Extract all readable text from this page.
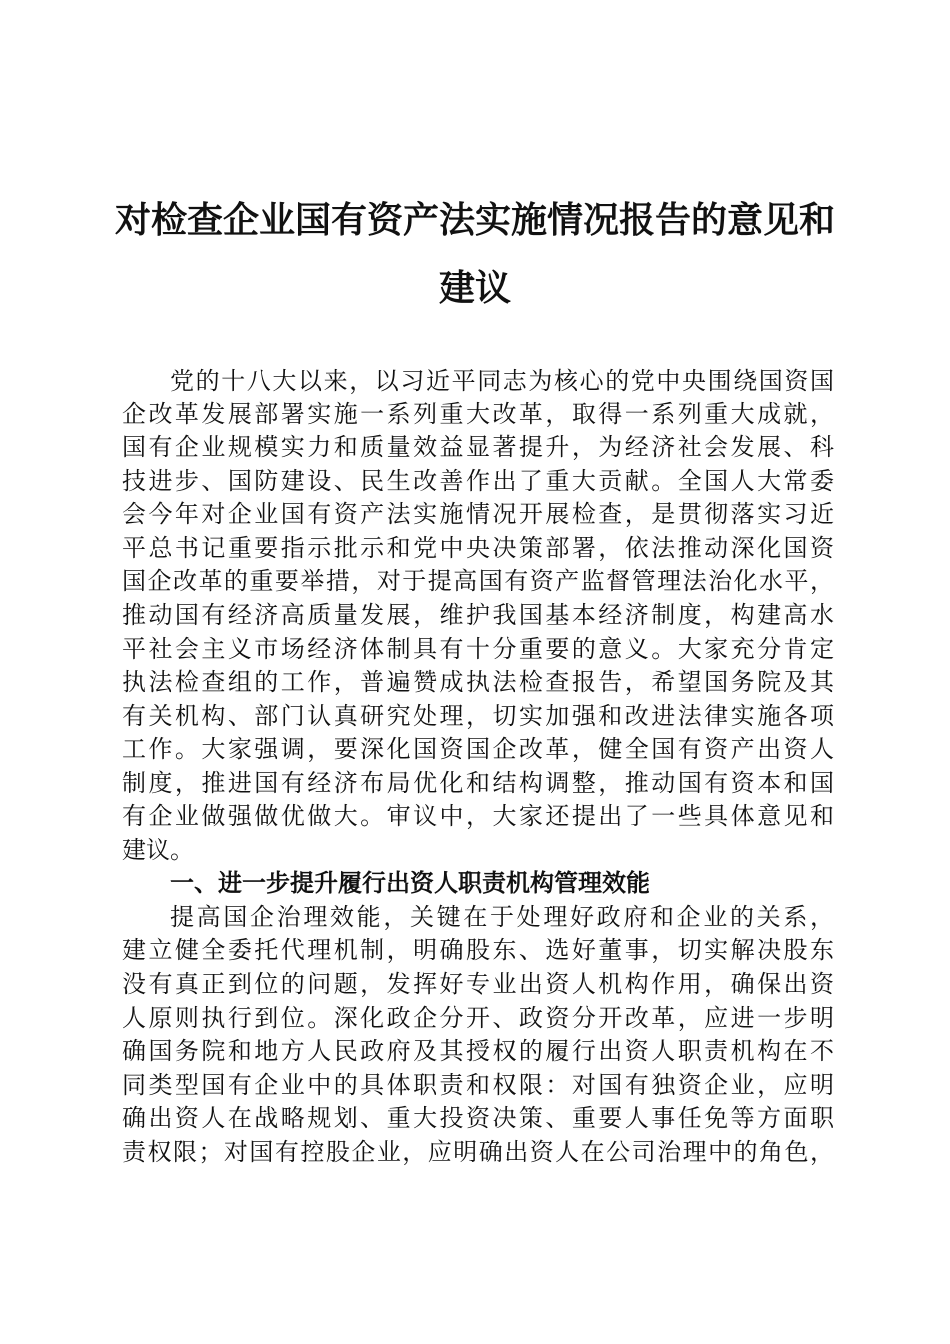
对检查企业国有资产法实施情况报告的意见和
建议
党的十八大以来，以习近平同志为核心的党中央围绕国资国
企改革发展部署实施一系列重大改革，取得一系列重大成就，
国有企业规模实力和质量效益显著提升，为经济社会发展、科
技进步、国防建设、民生改善作出了重大贡献。全国人大常委
会今年对企业国有资产法实施情况开展检查，是贯彻落实习近
平总书记重要指示批示和党中央决策部署，依法推动深化国资
国企改革的重要举措，对于提高国有资产监督管理法治化水平，
推动国有经济高质量发展，维护我国基本经济制度，构建高水
平社会主义市场经济体制具有十分重要的意义。大家充分肯定
执法检查组的工作，普遍赞成执法检查报告，希望国务院及其
有关机构、部门认真研究处理，切实加强和改进法律实施各项
工作。大家强调，要深化国资国企改革，健全国有资产出资人
制度，推进国有经济布局优化和结构调整，推动国有资本和国
有企业做强做优做大。审议中，大家还提出了一些具体意见和
建议。
一、进一步提升履行出资人职责机构管理效能
提高国企治理效能，关键在于处理好政府和企业的关系，
建立健全委托代理机制，明确股东、选好董事，切实解决股东
没有真正到位的问题，发挥好专业出资人机构作用，确保出资
人原则执行到位。深化政企分开、政资分开改革，应进一步明
确国务院和地方人民政府及其授权的履行出资人职责机构在不
同类型国有企业中的具体职责和权限：对国有独资企业，应明
确出资人在战略规划、重大投资决策、重要人事任免等方面职
责权限；对国有控股企业，应明确出资人在公司治理中的角色，
